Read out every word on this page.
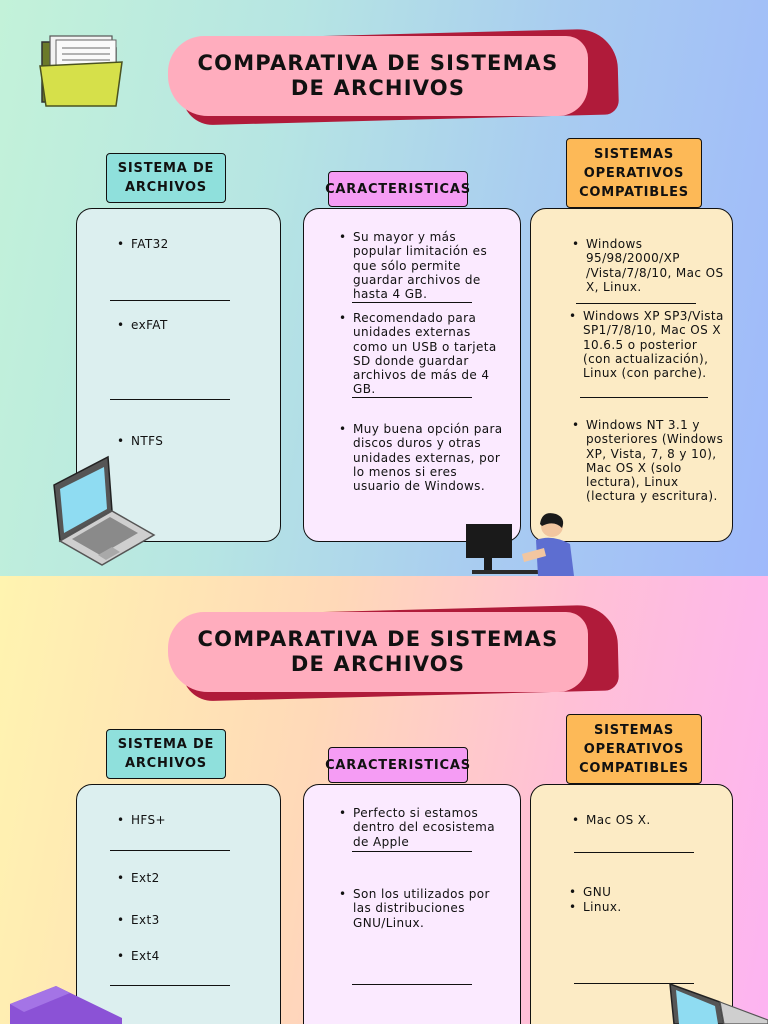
COMPARATIVA DE SISTEMAS DE ARCHIVOS
SISTEMA DE ARCHIVOS	CARACTERISTICAS
SISTEMAS OPERATIVOS COMPATIBLES
• FAT32
• exFAT
• NTFS
• Su mayor y más popular limitación es que sólo permite guardar archivos de hasta 4 GB.
• Recomendado para unidades externas como un USB o tarjeta SD donde guardar archivos de más de 4 GB.
• Muy buena opción para discos duros y otras unidades externas, por lo menos si eres usuario de Windows.
• Windows 95/98/2000/XP /Vista/7/8/10, Mac OS X, Linux.
• Windows XP SP3/Vista SP1/7/8/10, Mac OS X 10.6.5 o posterior (con actualización), Linux (con parche).
• Windows NT 3.1 y posteriores (Windows XP, Vista, 7, 8 y 10), Mac OS X (solo lectura), Linux (lectura y escritura).
COMPARATIVA DE SISTEMAS DE ARCHIVOS
SISTEMA DE ARCHIVOS	CARACTERISTICAS
SISTEMAS OPERATIVOS COMPATIBLES
• HFS+
• Ext2
• Ext3
• Ext4
• Perfecto si estamos dentro del ecosistema de Apple
• Son los utilizados por las distribuciones GNU/Linux.
• Mac OS X.
• GNU
• Linux.
